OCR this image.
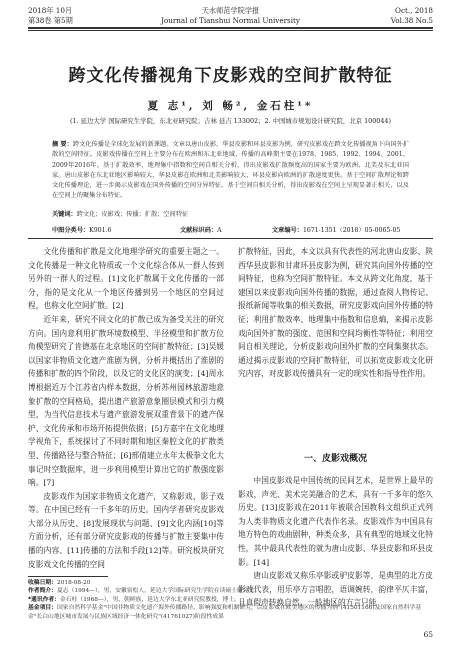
2018年 10月
第38卷 第5期
天水师范学院学报
Journal of Tianshui Normal University
Oct., 2018
Vol.38 No.5
跨文化传播视角下皮影戏的空间扩散特征
夏 志¹, 刘 畅², 金石柱¹*
(1. 延边大学 国际研究生学院，东北亚研究院；吉林 延吉 133002；2. 中国城市规划设计研究院，北京 100044)
摘 要：跨文化传播是全球化发展的新课题。文章以唐山皮影、华县皮影和环县皮影为例，研究皮影戏在跨文化传播视角下向国外扩散的空间特征。皮影戏传播在空间上主要分布在欧洲和东北亚地域，传播的高峰期主要在1978、1985、1992、1994、2001、2009年2016年。基于扩散效率、地理集中指数和空间自相关分析，得出皮影戏扩散频度高的国家主要为欧洲、北美及东北亚国家。唐山皮影在东北亚地区影响较大，华县皮影在欧洲和北美影响较大，环县皮影向欧洲的扩散速度更快。基于空间扩散理论和跨文化传播理论，进一步揭示皮影戏在国外传播的空间分异特征。基于空间自相关分析，得出皮影戏在空间上呈现显著正相关，以及在空间上的聚集分布特征。
关键词：跨文化；皮影戏；传播；扩散；空间特征
中图分类号：K901.6	文献标识码：A	文章编号：1671-1351（2018）05-0065-05

文化传播和扩散是文化地理学研究的重要主题之一。文化传播是一种文化特质或一个文化综合体从一群人传到另外的一群人的过程。[1]文化扩散属于文化传播的一部分，指的是文化从一个地区传播到另一个地区的空间过程，也称文化空间扩散。[2]

近年来，研究不同文化的扩散已成为备受关注的研究方向。国内意利用扩散环境数模型、半径模型和扩散方位角模型研究了肯德基在北京地区的空间扩散特征；[3]吴媛以国家非物质文化遗产淮剧为例，分析并概括出了淮剧的传播和扩散的四个阶段，以及它的文化区的演变；[4]周永博根据近万个江苏省内样本数据，分析苏州园林旅游地意象扩散的空间格局，提出遗产旅游意象圈层模式和引力模型，为当代信息技术与遗产旅游发展双重背景下的遗产保护、文化传承和市场开拓提供依据；[5]方嘉宇在文化地理学视角下，系统探讨了不同时期和地区秦腔文化的扩散类型、传播路径与整合特征；[6]邢倩建立永年太极拳文化大事记时空数据库，进一步利用模型计算出它的扩散强度影响。[7]

皮影戏作为国家非物质文化遗产，又称影戏、影子戏等。在中国已经有一千多年的历史。国内学者研究皮影戏大部分从历史、[8]发展现状与问题、[9]文化内涵[10]等方面分析，还有部分研究皮影戏的传播与扩散主要集中传播的内容、[11]传播的方法和手段[12]等。研究板块研究皮影戏文化传播的空间

扩散特征，因此，本文以具有代表性的河北唐山皮影、陕西华县皮影和甘肃环县皮影为例，研究其向国外传播的空间特征，也称为空间扩散特征。本文从跨文化角度，基于建国以来皮影戏向国外传播的数据，通过查阅人物传记、报纸新闻等收集的相关数据，研究皮影戏向国外传播的特征；利用扩散效率、地理集中指数和信息熵，来揭示皮影戏向国外扩散的强度、范围和空间均衡性等特征；利用空间自相关理论，分析皮影戏向国外扩散的空间集聚状态。通过揭示皮影戏的空间扩散特征，可以拓宽皮影戏文化研究内容，对皮影戏传播具有一定的现实性和指导性作用。

一、皮影戏概况

中国皮影戏是中国传统的民间艺术，是世界上最早的影戏，声光、美术完美融合的艺术，具有一千多年的悠久历史。[13]皮影戏在2011年被联合国教科文组织正式列为人类非物质文化遗产代表作名录。皮影戏作为中国具有地方特色的戏曲剧种，种类众多，具有典型的地域文化特性，其中最具代表性的就为唐山皮影、华县皮影和环县皮影。[14]

唐山皮影戏又称乐亭影或驴皮影等，是典型的北方皮影戏代表，用乐亭方言唱腔，语调婉转，韵律平仄丰富，且真假声转换自然。一般地区的方言只能

收稿日期：2018-08-20
作者简介：夏志（1994—），男，安徽宿松人，延边大学国际研究生学院在读硕士研究生。
*通讯作者：金石柱（1968—），男，朝鲜族，延边大学东北亚研究院教授，博士。
基金项目：国家自然科学基金"中国非物质文化遗产海外传播路径、影响强度和机制研究，以皮影戏在欧美地区的传播为例"(41501166)及国家自然科学基金"长白山地区城市发展与民族区域经济一体化研究"(41761027)阶段性成果
65
